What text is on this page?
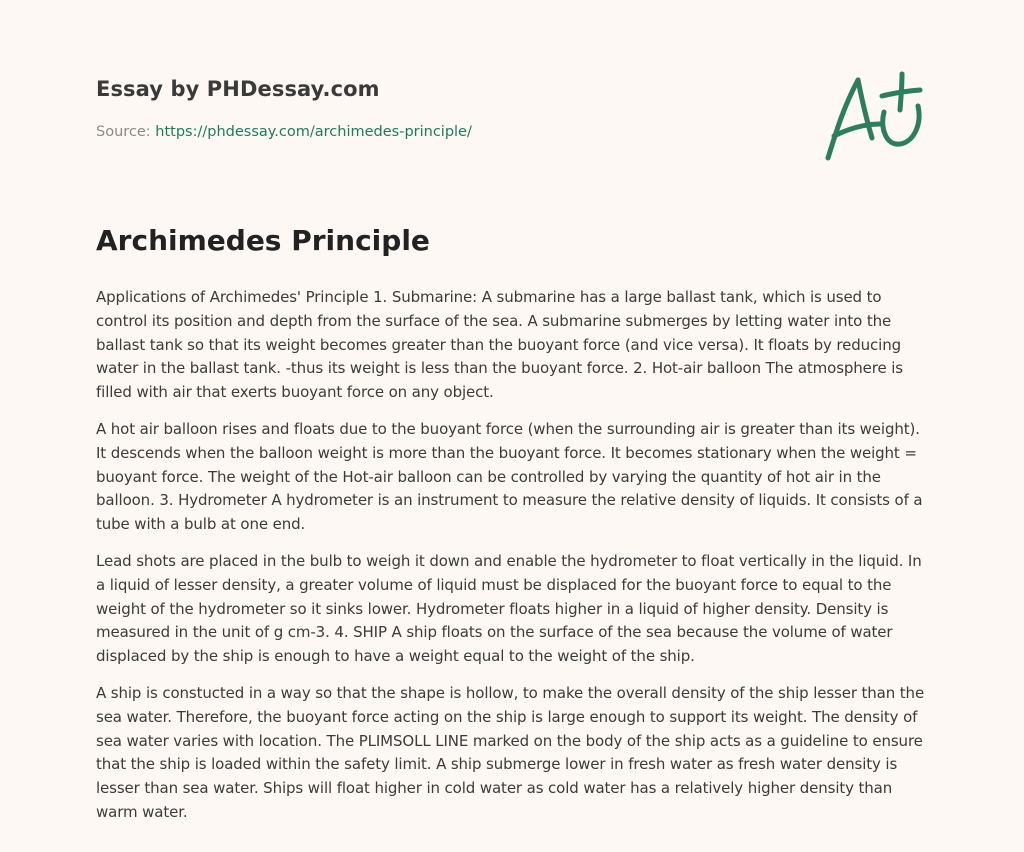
Essay by PHDessay.com
Source: https://phdessay.com/archimedes-principle/
Archimedes Principle

Applications of Archimedes' Principle 1. Submarine: A submarine has a large ballast tank, which is used to control its position and depth from the surface of the sea. A submarine submerges by letting water into the ballast tank so that its weight becomes greater than the buoyant force (and vice versa). It floats by reducing water in the ballast tank. -thus its weight is less than the buoyant force. 2. Hot-air balloon The atmosphere is filled with air that exerts buoyant force on any object.

A hot air balloon rises and floats due to the buoyant force (when the surrounding air is greater than its weight). It descends when the balloon weight is more than the buoyant force. It becomes stationary when the weight = buoyant force. The weight of the Hot-air balloon can be controlled by varying the quantity of hot air in the balloon. 3. Hydrometer A hydrometer is an instrument to measure the relative density of liquids. It consists of a tube with a bulb at one end.

Lead shots are placed in the bulb to weigh it down and enable the hydrometer to float vertically in the liquid. In a liquid of lesser density, a greater volume of liquid must be displaced for the buoyant force to equal to the weight of the hydrometer so it sinks lower. Hydrometer floats higher in a liquid of higher density. Density is measured in the unit of g cm-3. 4. SHIP A ship floats on the surface of the sea because the volume of water displaced by the ship is enough to have a weight equal to the weight of the ship.

A ship is constucted in a way so that the shape is hollow, to make the overall density of the ship lesser than the sea water. Therefore, the buoyant force acting on the ship is large enough to support its weight. The density of sea water varies with location. The PLIMSOLL LINE marked on the body of the ship acts as a guideline to ensure that the ship is loaded within the safety limit. A ship submerge lower in fresh water as fresh water density is lesser than sea water. Ships will float higher in cold water as cold water has a relatively higher density than warm water.
